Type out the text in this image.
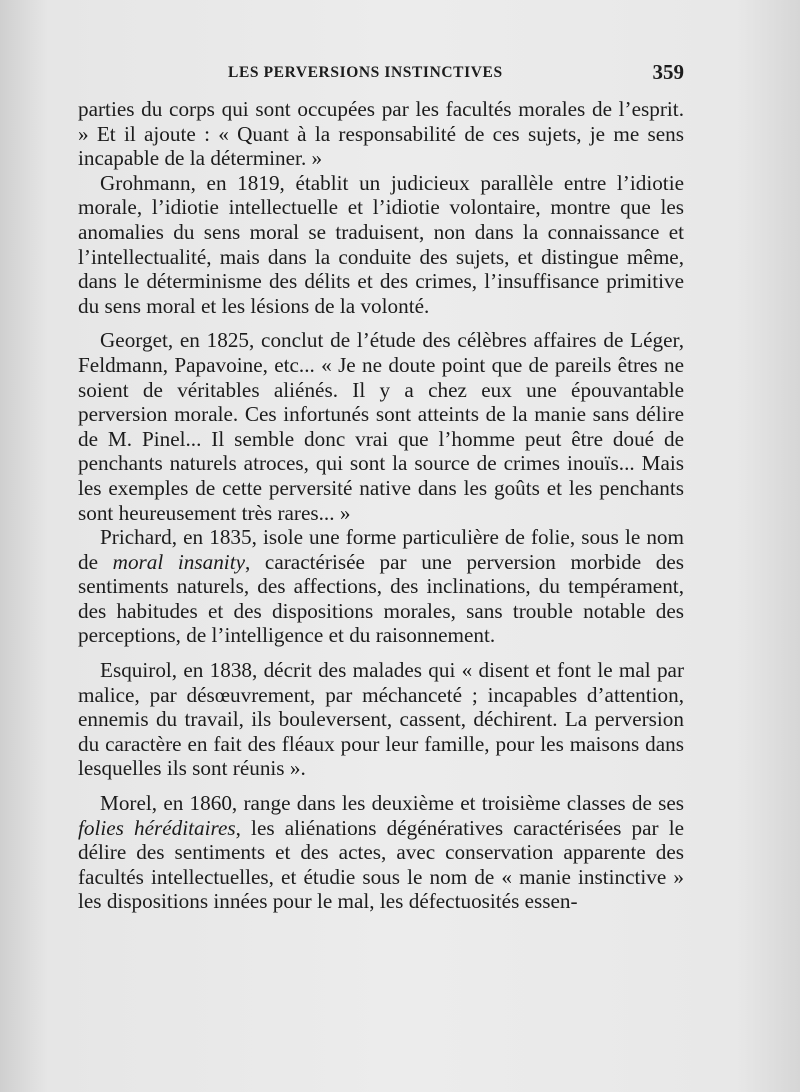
LES PERVERSIONS INSTINCTIVES	359

parties du corps qui sont occupées par les facultés morales de l’esprit. » Et il ajoute : « Quant à la responsabilité de ces sujets, je me sens incapable de la déterminer. »

Grohmann, en 1819, établit un judicieux parallèle entre l’idiotie morale, l’idiotie intellectuelle et l’idiotie volontaire, montre que les anomalies du sens moral se traduisent, non dans la connaissance et l’intellectualité, mais dans la conduite des sujets, et distingue même, dans le déterminisme des délits et des crimes, l’insuffisance primitive du sens moral et les lésions de la volonté.

Georget, en 1825, conclut de l’étude des célèbres affaires de Léger, Feldmann, Papavoine, etc... « Je ne doute point que de pareils êtres ne soient de véritables aliénés. Il y a chez eux une épouvantable perversion morale. Ces infortunés sont atteints de la manie sans délire de M. Pinel... Il semble donc vrai que l’homme peut être doué de penchants naturels atroces, qui sont la source de crimes inouïs... Mais les exemples de cette perversité native dans les goûts et les penchants sont heureusement très rares... »

Prichard, en 1835, isole une forme particulière de folie, sous le nom de moral insanity, caractérisée par une perversion morbide des sentiments naturels, des affections, des inclinations, du tempérament, des habitudes et des dispositions morales, sans trouble notable des perceptions, de l’intelligence et du raisonnement.

Esquirol, en 1838, décrit des malades qui « disent et font le mal par malice, par désœuvrement, par méchanceté ; incapables d’attention, ennemis du travail, ils bouleversent, cassent, déchirent. La perversion du caractère en fait des fléaux pour leur famille, pour les maisons dans lesquelles ils sont réunis ».

Morel, en 1860, range dans les deuxième et troisième classes de ses folies héréditaires, les aliénations dégénératives caractérisées par le délire des sentiments et des actes, avec conservation apparente des facultés intellectuelles, et étudie sous le nom de « manie instinctive » les dispositions innées pour le mal, les défectuosités essen-
